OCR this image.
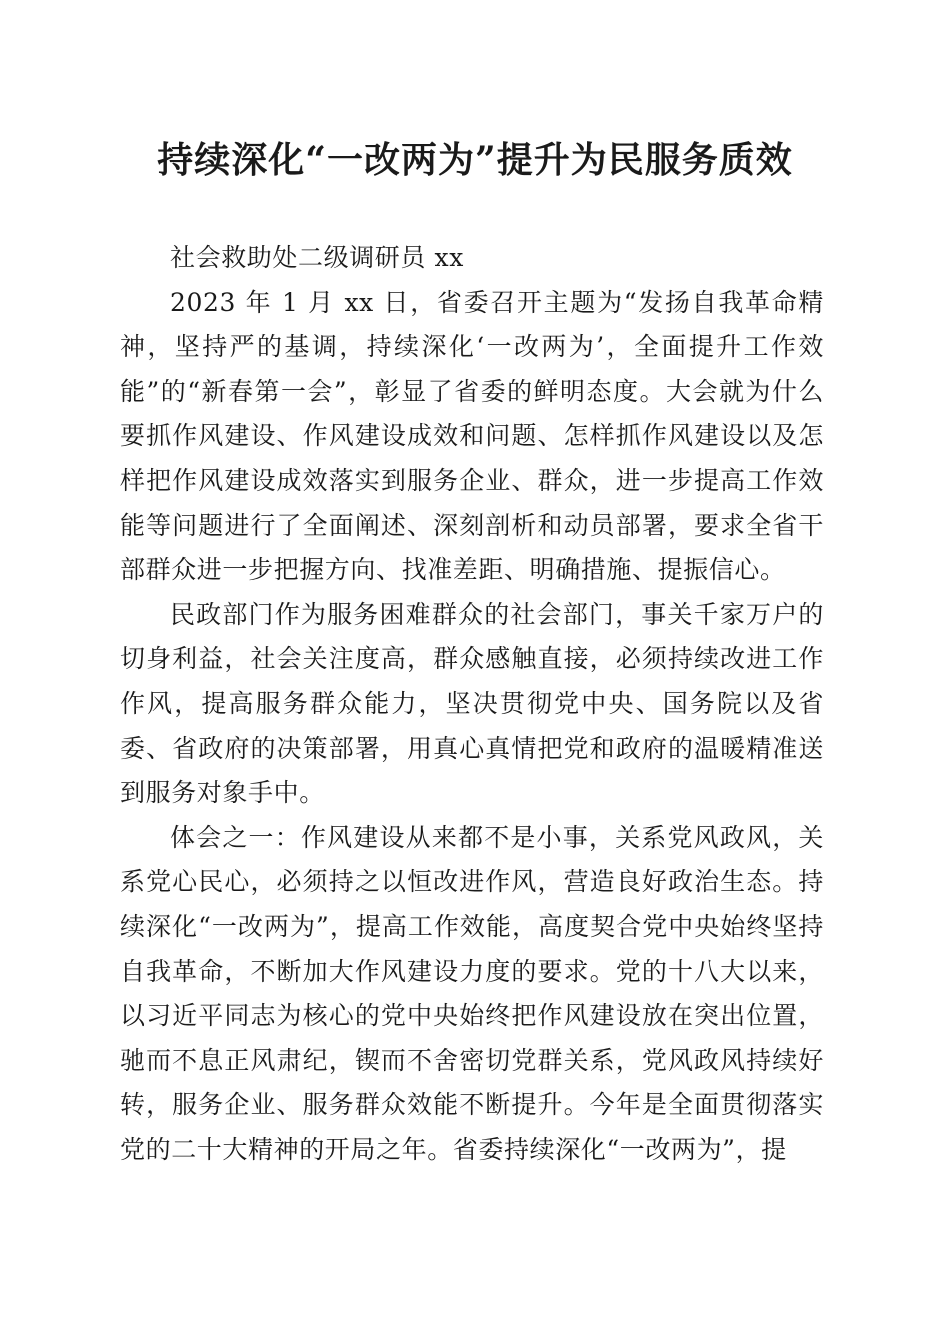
持续深化“一改两为”提升为民服务质效

社会救助处二级调研员 xx

2023 年 1 月 xx 日，省委召开主题为“发扬自我革命精神，坚持严的基调，持续深化‘一改两为’，全面提升工作效能”的“新春第一会”，彰显了省委的鲜明态度。大会就为什么要抓作风建设、作风建设成效和问题、怎样抓作风建设以及怎样把作风建设成效落实到服务企业、群众，进一步提高工作效能等问题进行了全面阐述、深刻剖析和动员部署，要求全省干部群众进一步把握方向、找准差距、明确措施、提振信心。

民政部门作为服务困难群众的社会部门，事关千家万户的切身利益，社会关注度高，群众感触直接，必须持续改进工作作风，提高服务群众能力，坚决贯彻党中央、国务院以及省委、省政府的决策部署，用真心真情把党和政府的温暖精准送到服务对象手中。

体会之一：作风建设从来都不是小事，关系党风政风，关系党心民心，必须持之以恒改进作风，营造良好政治生态。持续深化“一改两为”，提高工作效能，高度契合党中央始终坚持自我革命，不断加大作风建设力度的要求。党的十八大以来，以习近平同志为核心的党中央始终把作风建设放在突出位置，驰而不息正风肃纪，锲而不舍密切党群关系，党风政风持续好转，服务企业、服务群众效能不断提升。今年是全面贯彻落实党的二十大精神的开局之年。省委持续深化“一改两为”，提
